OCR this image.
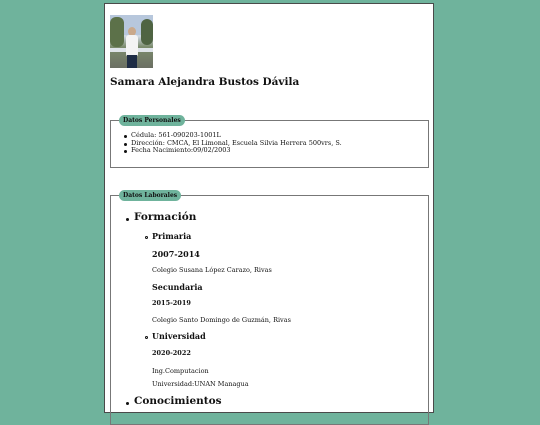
Samara Alejandra Bustos Dávila
Datos Personales
Cédula: 561-090203-1001L
Dirección: CMCA, El Limonal, Escuela Silvia Herrera 500vrs, S.
Fecha Nacimiento:09/02/2003
Datos Laborales
Formación
Primaria
2007-2014
Colegio Susana López Carazo, Rivas
Secundaria
2015-2019
Colegio Santo Domingo de Guzmán, Rivas
Universidad
2020-2022
Ing.Computacion
Universidad:UNAN Managua
Conocimientos
